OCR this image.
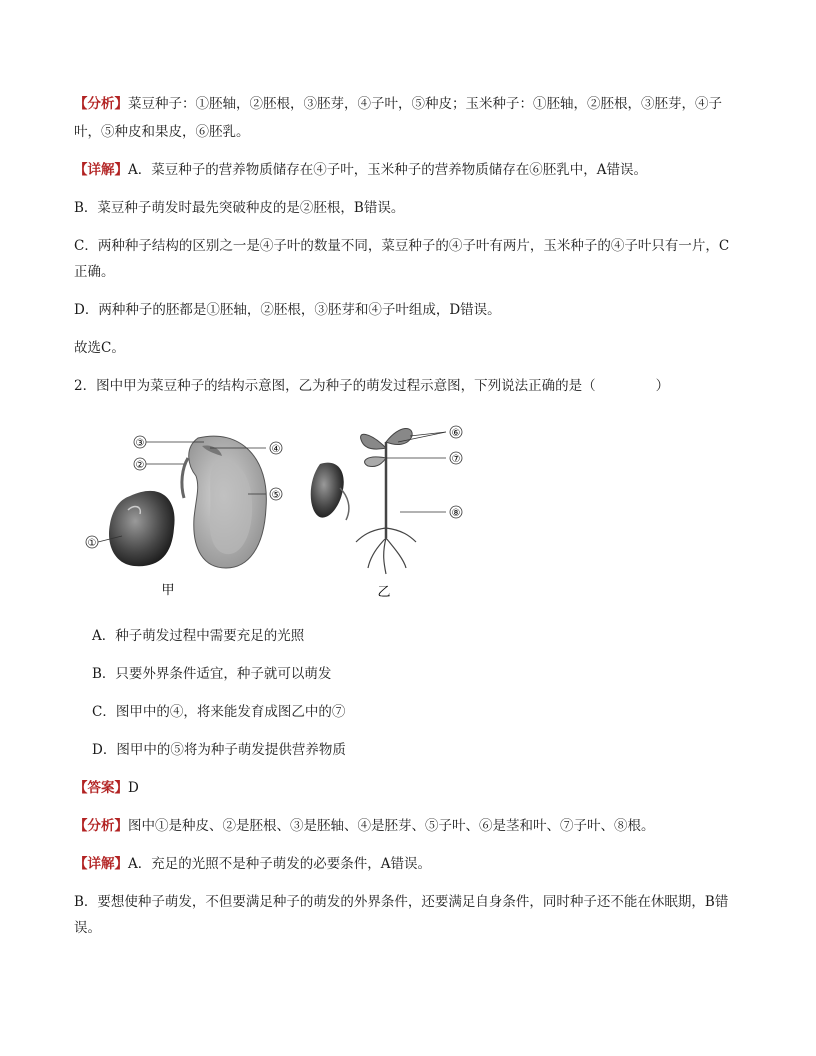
【分析】菜豆种子：①胚轴，②胚根，③胚芽，④子叶，⑤种皮；玉米种子：①胚轴，②胚根，③胚芽，④子
叶，⑤种皮和果皮，⑥胚乳。
【详解】A．菜豆种子的营养物质储存在④子叶，玉米种子的营养物质储存在⑥胚乳中，A错误。
B．菜豆种子萌发时最先突破种皮的是②胚根，B错误。
C．两种种子结构的区别之一是④子叶的数量不同，菜豆种子的④子叶有两片，玉米种子的④子叶只有一片，C
正确。
D．两种种子的胚都是①胚轴，②胚根，③胚芽和④子叶组成，D错误。
故选C。
2．图中甲为菜豆种子的结构示意图，乙为种子的萌发过程示意图，下列说法正确的是（	）
③
②
④
⑤
①
甲
⑥
⑦
⑧
乙
A．种子萌发过程中需要充足的光照
B．只要外界条件适宜，种子就可以萌发
C．图甲中的④，将来能发育成图乙中的⑦
D．图甲中的⑤将为种子萌发提供营养物质
【答案】D
【分析】图中①是种皮、②是胚根、③是胚轴、④是胚芽、⑤子叶、⑥是茎和叶、⑦子叶、⑧根。
【详解】A．充足的光照不是种子萌发的必要条件，A错误。
B．要想使种子萌发，不但要满足种子的萌发的外界条件，还要满足自身条件，同时种子还不能在休眠期，B错
误。
